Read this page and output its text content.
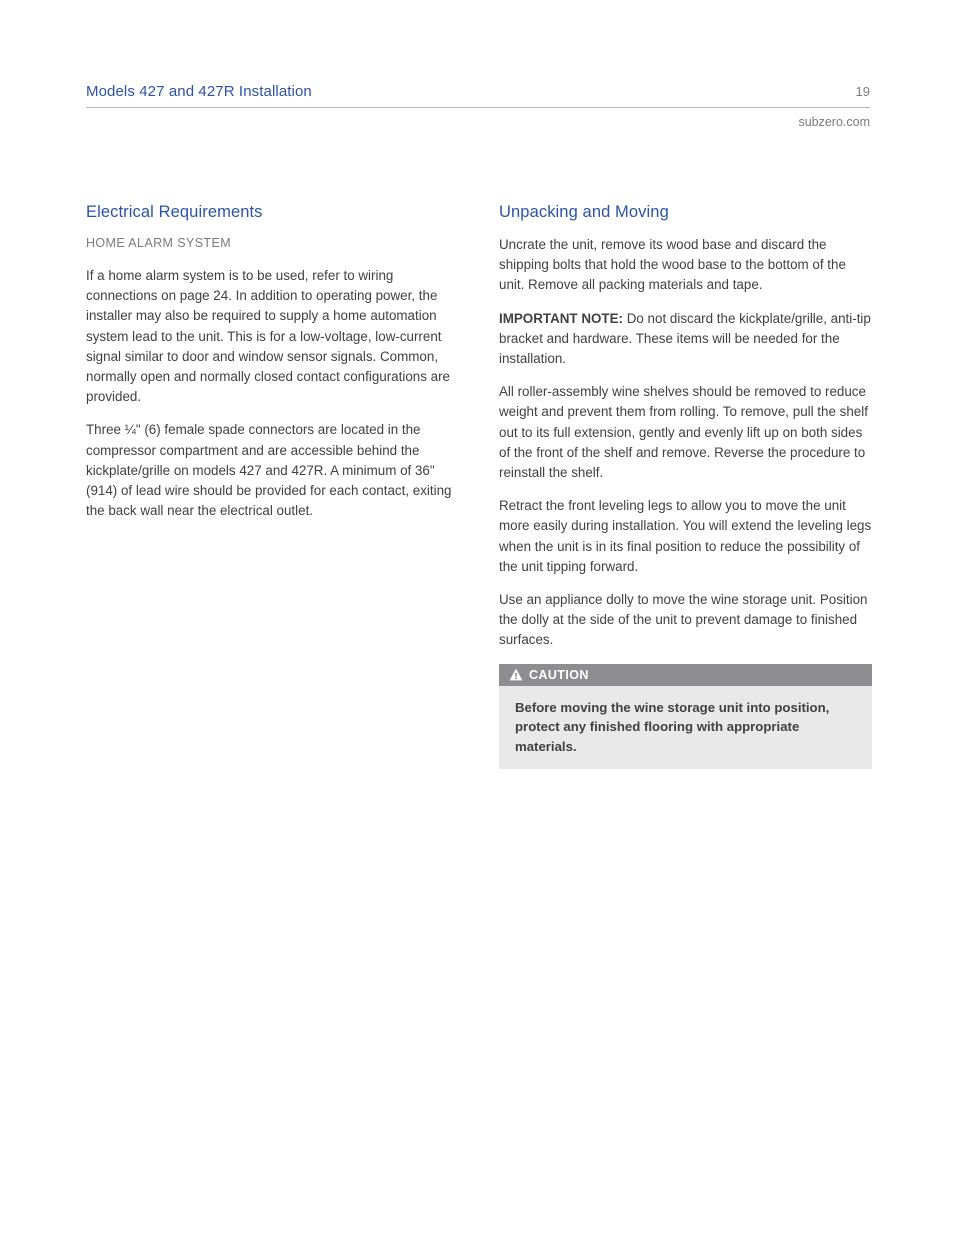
Models 427 and 427R Installation	19
subzero.com
Electrical Requirements
HOME ALARM SYSTEM

If a home alarm system is to be used, refer to wiring connections on page 24. In addition to operating power, the installer may also be required to supply a home automation system lead to the unit. This is for a low-voltage, low-current signal similar to door and window sensor signals. Common, normally open and normally closed contact configurations are provided.

Three ¼" (6) female spade connectors are located in the compressor compartment and are accessible behind the kickplate/grille on models 427 and 427R. A minimum of 36" (914) of lead wire should be provided for each contact, exiting the back wall near the electrical outlet.

Unpacking and Moving

Uncrate the unit, remove its wood base and discard the shipping bolts that hold the wood base to the bottom of the unit. Remove all packing materials and tape.

IMPORTANT NOTE: Do not discard the kickplate/grille, anti-tip bracket and hardware. These items will be needed for the installation.

All roller-assembly wine shelves should be removed to reduce weight and prevent them from rolling. To remove, pull the shelf out to its full extension, gently and evenly lift up on both sides of the front of the shelf and remove. Reverse the procedure to reinstall the shelf.

Retract the front leveling legs to allow you to move the unit more easily during installation. You will extend the leveling legs when the unit is in its final position to reduce the possibility of the unit tipping forward.

Use an appliance dolly to move the wine storage unit. Position the dolly at the side of the unit to prevent damage to finished surfaces.

CAUTION
Before moving the wine storage unit into position, protect any finished flooring with appropriate materials.
